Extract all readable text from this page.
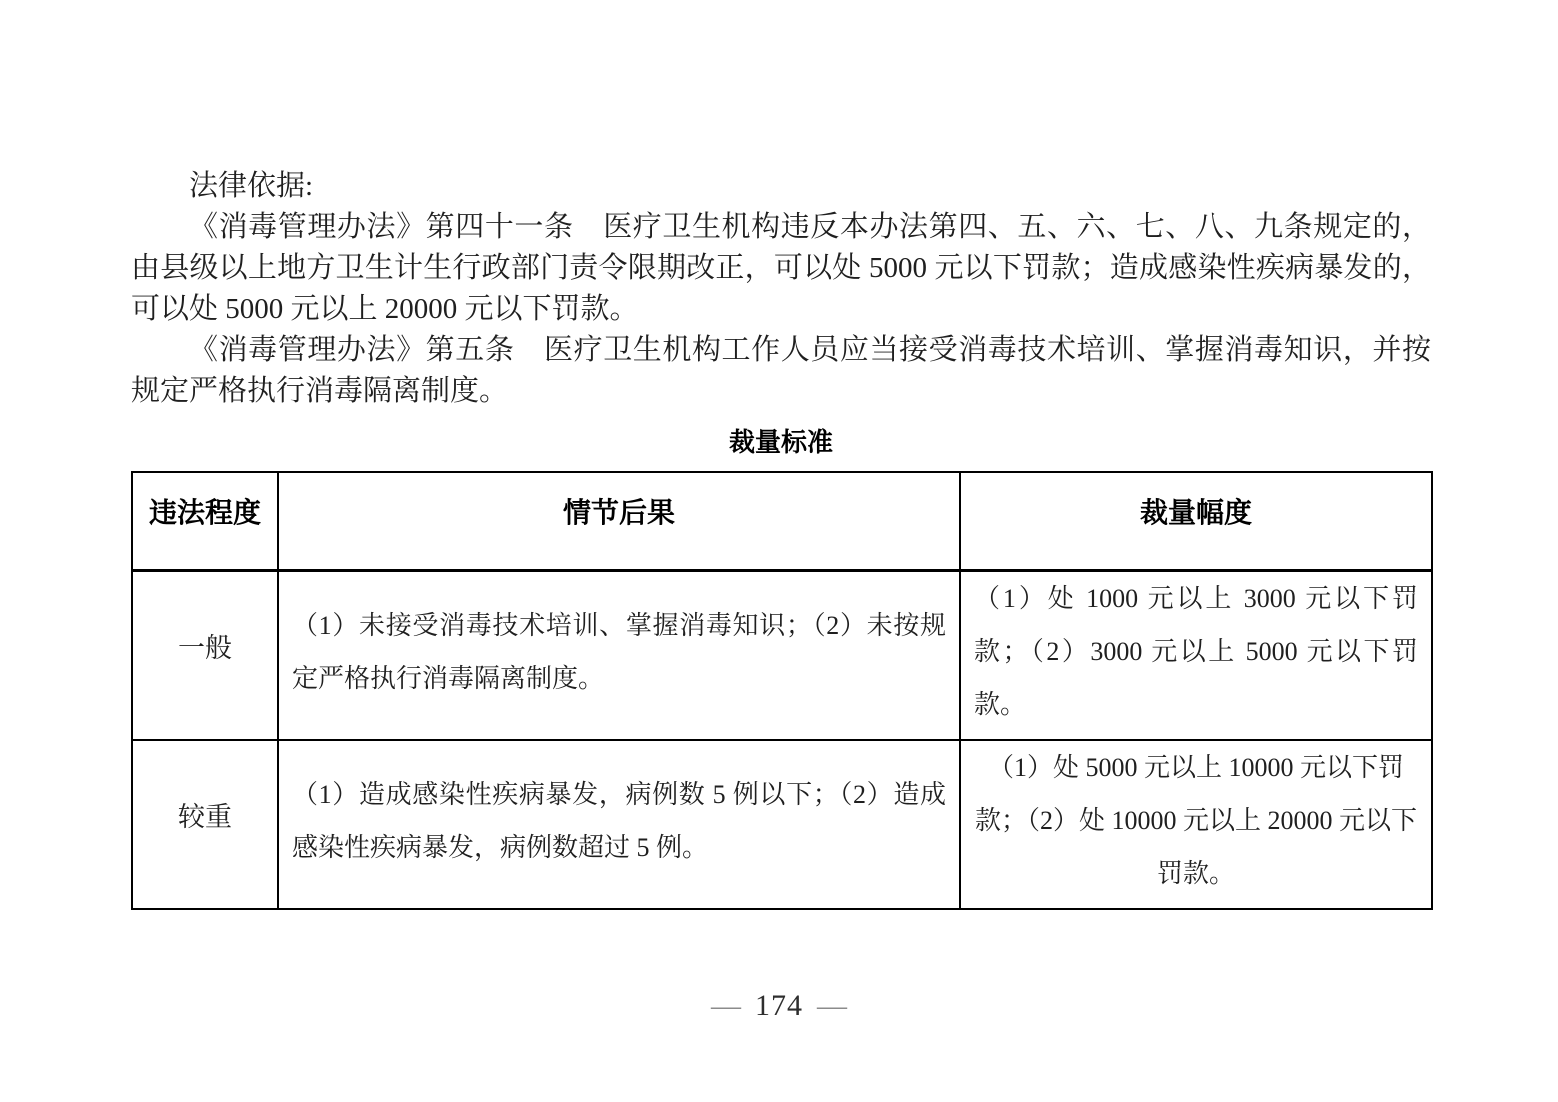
法律依据:

《消毒管理办法》第四十一条　医疗卫生机构违反本办法第四、五、六、七、八、九条规定的，由县级以上地方卫生计生行政部门责令限期改正，可以处 5000 元以下罚款；造成感染性疾病暴发的，可以处 5000 元以上 20000 元以下罚款。

《消毒管理办法》第五条　医疗卫生机构工作人员应当接受消毒技术培训、掌握消毒知识，并按规定严格执行消毒隔离制度。

裁量标准
违法程度	情节后果	裁量幅度
一般	（1）未接受消毒技术培训、掌握消毒知识；（2）未按规定严格执行消毒隔离制度。	（1）处 1000 元以上 3000 元以下罚款；（2）3000 元以上 5000 元以下罚款。
较重	（1）造成感染性疾病暴发，病例数 5 例以下；（2）造成感染性疾病暴发，病例数超过 5 例。	（1）处 5000 元以上 10000 元以下罚款；（2）处 10000 元以上 20000 元以下罚款。
— 174 —
